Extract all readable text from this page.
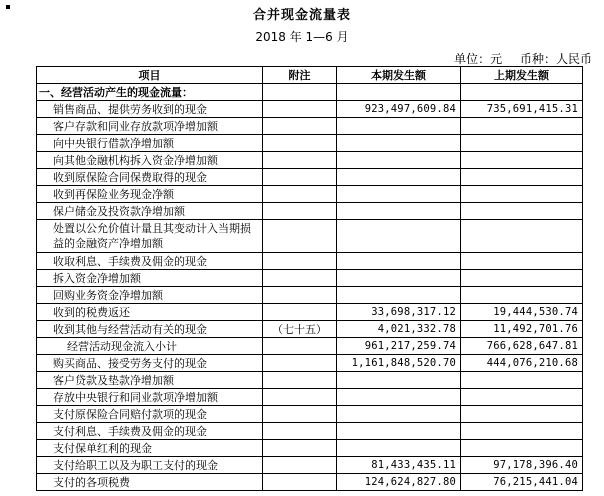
合并现金流量表
2018 年 1—6 月
单位：元 币种：人民币
项目	附注	本期发生额	上期发生额
一、经营活动产生的现金流量：			
销售商品、提供劳务收到的现金		923,497,609.84	735,691,415.31
客户存款和同业存放款项净增加额			
向中央银行借款净增加额			
向其他金融机构拆入资金净增加额			
收到原保险合同保费取得的现金			
收到再保险业务现金净额			
保户储金及投资款净增加额			
处置以公允价值计量且其变动计入当期损益的金融资产净增加额			
收取利息、手续费及佣金的现金			
拆入资金净增加额			
回购业务资金净增加额			
收到的税费返还		33,698,317.12	19,444,530.74
收到其他与经营活动有关的现金	（七十五）	4,021,332.78	11,492,701.76
经营活动现金流入小计		961,217,259.74	766,628,647.81
购买商品、接受劳务支付的现金		1,161,848,520.70	444,076,210.68
客户贷款及垫款净增加额			
存放中央银行和同业款项净增加额			
支付原保险合同赔付款项的现金			
支付利息、手续费及佣金的现金			
支付保单红利的现金			
支付给职工以及为职工支付的现金		81,433,435.11	97,178,396.40
支付的各项税费		124,624,827.80	76,215,441.04
